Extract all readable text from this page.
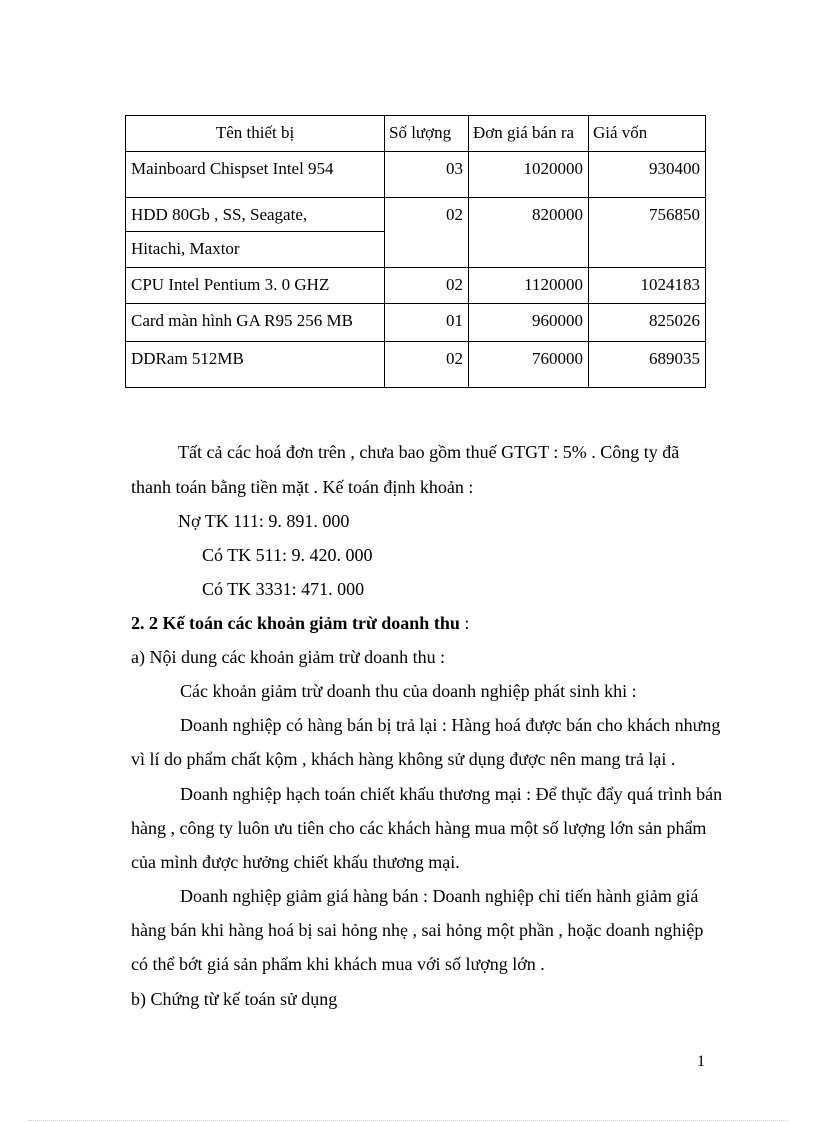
Tên thiết bị	Số lượng	Đơn giá bán ra	Giá vốn
Mainboard Chispset Intel 954	03	1020000	930400
HDD 80Gb , SS, Seagate,	02	820000	756850
Hitachi, Maxtor			
CPU Intel Pentium 3. 0 GHZ	02	1120000	1024183
Card màn hình GA R95 256 MB	01	960000	825026
DDRam 512MB	02	760000	689035
Tất cả các hoá đơn trên , chưa bao gồm thuế GTGT : 5% . Công ty đã
thanh toán bằng tiền mặt . Kế toán định khoản :
Nợ TK 111: 9. 891. 000
Có TK 511: 9. 420. 000
Có TK 3331: 471. 000
2. 2 Kế toán các khoản giảm trừ doanh thu :
a) Nội dung các khoản giảm trừ doanh thu :
Các khoản giảm trừ doanh thu của doanh nghiệp phát sinh khi :
Doanh nghiệp có hàng bán bị trả lại : Hàng hoá được bán cho khách nhưng
vì lí do phẩm chất kộm , khách hàng không sử dụng được nên mang trả lại .
Doanh nghiệp hạch toán chiết khấu thương mại : Để thụ̆c đẩy quá trình bán
hàng , công ty luôn ưu tiên cho các khách hàng mua một số lượng lớn sản phẩm
của mình được hưởng chiết khấu thương mại.
Doanh nghiệp giảm giá hàng bán : Doanh nghiệp chỉ tiến hành giảm giá
hàng bán khi hàng hoá bị sai hỏng nhẹ , sai hỏng một phần , hoặc doanh nghiệp
có thể bớt giá sản phẩm khi khách mua với số lượng lớn .
b) Chứng từ kế toán sử dụng
1
